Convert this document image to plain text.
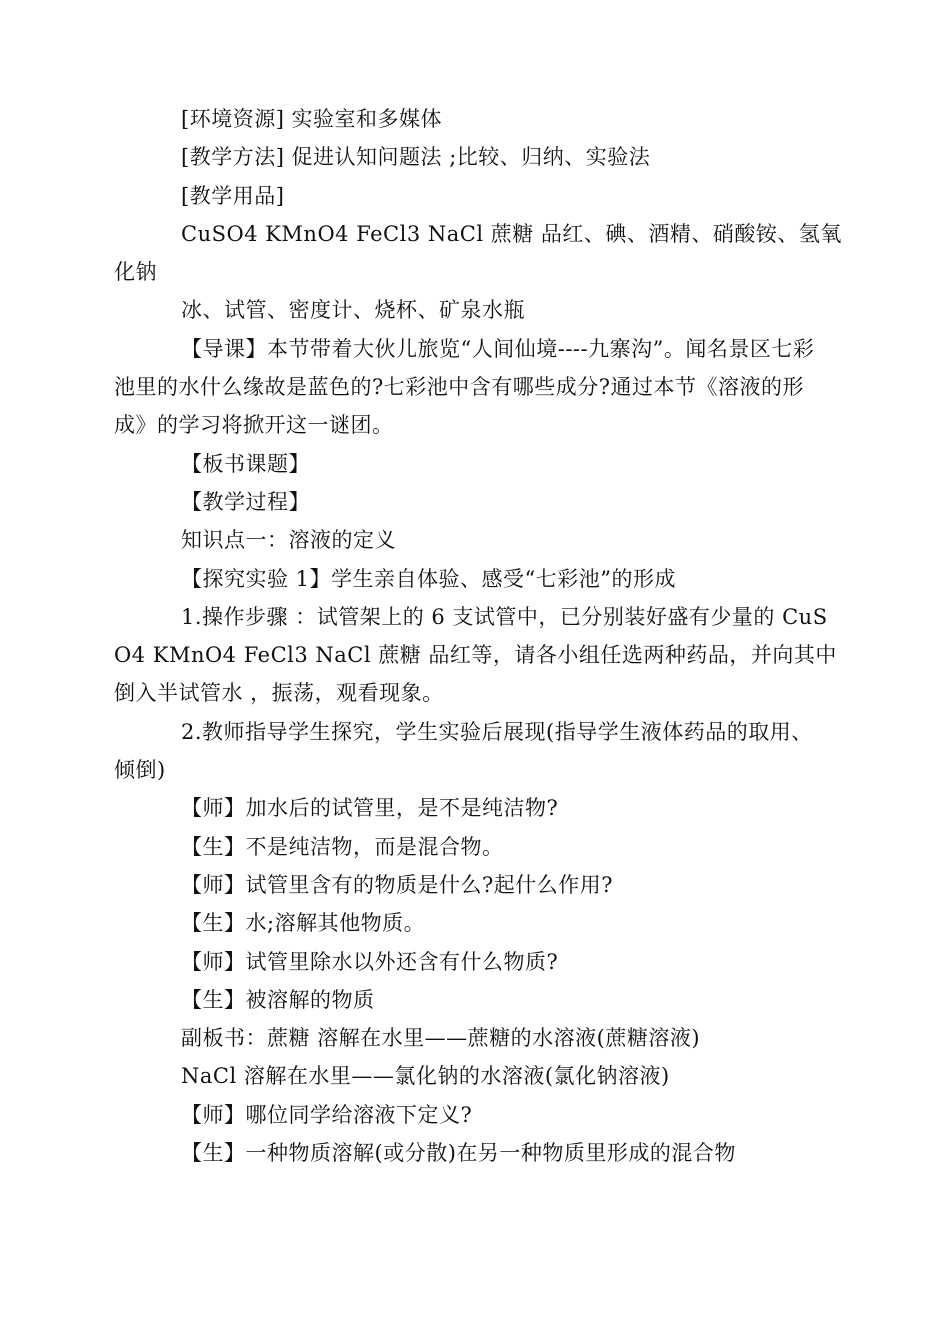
[环境资源] 实验室和多媒体
[教学方法] 促进认知问题法 ;比较、归纳、实验法
[教学用品]
CuSO4 KMnO4 FeCl3 NaCl 蔗糖 品红、碘、酒精、硝酸铵、氢氧
化钠
冰、试管、密度计、烧杯、矿泉水瓶
【导课】本节带着大伙儿旅览“人间仙境----九寨沟”。闻名景区七彩
池里的水什么缘故是蓝色的?七彩池中含有哪些成分?通过本节《溶液的形
成》的学习将掀开这一谜团。
【板书课题】
【教学过程】
知识点一：溶液的定义
【探究实验 1】学生亲自体验、感受“七彩池”的形成
1.操作步骤 ：试管架上的 6 支试管中，已分别装好盛有少量的 CuS
O4 KMnO4 FeCl3 NaCl 蔗糖 品红等，请各小组任选两种药品，并向其中
倒入半试管水 ，振荡，观看现象。
2.教师指导学生探究，学生实验后展现(指导学生液体药品的取用、
倾倒)
【师】加水后的试管里，是不是纯洁物?
【生】不是纯洁物，而是混合物。
【师】试管里含有的物质是什么?起什么作用?
【生】水;溶解其他物质。
【师】试管里除水以外还含有什么物质?
【生】被溶解的物质
副板书：蔗糖 溶解在水里——蔗糖的水溶液(蔗糖溶液)
NaCl 溶解在水里——氯化钠的水溶液(氯化钠溶液)
【师】哪位同学给溶液下定义?
【生】一种物质溶解(或分散)在另一种物质里形成的混合物
